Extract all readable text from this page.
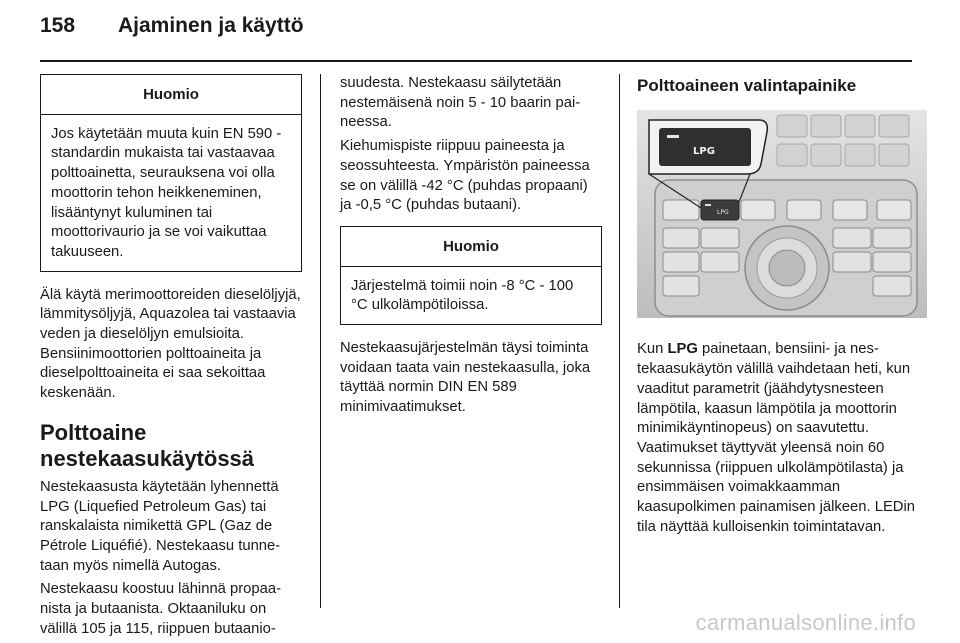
158 Ajaminen ja käyttö
Huomio
Jos käytetään muuta kuin EN 590 -standardin mukaista tai vastaavaa polttoainetta, seurauksena voi olla moottorin tehon heikkeneminen, lisääntynyt kuluminen tai moottorivaurio ja se voi vaikuttaa takuuseen.

Älä käytä merimoottoreiden dieselöljyjä, lämmitysöljyjä, Aquazolea tai vastaavia veden ja dieselöljyn emulsioita. Bensiinimoottorien polttoaineita ja dieselpolttoaineita ei saa sekoittaa keskenään.

Polttoaine nestekaasukäytössä

Nestekaasusta käytetään lyhennettä LPG (Liquefied Petroleum Gas) tai ranskalaista nimikettä GPL (Gaz de Pétrole Liquéfié). Nestekaasu tunnetaan myös nimellä Autogas.

Nestekaasu koostuu lähinnä propaanista ja butaanista. Oktaaniluku on välillä 105 ja 115, riippuen butaanio-

suudesta. Nestekaasu säilytetään nestemäisenä noin 5 - 10 baarin paineessa.

Kiehumispiste riippuu paineesta ja seossuhteesta. Ympäristön paineessa se on välillä -42 °C (puhdas propaani) ja -0,5 °C (puhdas butaani).

Huomio
Järjestelmä toimii noin -8 °C - 100 °C ulkolämpötiloissa.

Nestekaasujärjestelmän täysi toiminta voidaan taata vain nestekaasulla, joka täyttää normin DIN EN 589 minimivaatimukset.

Polttoaineen valintapainike
LPG
LPG

Kun LPG painetaan, bensiini- ja nestekaasukäytön välillä vaihdetaan heti, kun vaaditut parametrit (jäähdytysnesteen lämpötila, kaasun lämpötila ja moottorin minimikäyntinopeus) on saavutettu. Vaatimukset täyttyvät yleensä noin 60 sekunnissa (riippuen ulkolämpötilasta) ja ensimmäisen voimakkaamman kaasupolkimen painamisen jälkeen. LEDin tila näyttää kulloisenkin toimintatavan.

carmanualsonline.info
